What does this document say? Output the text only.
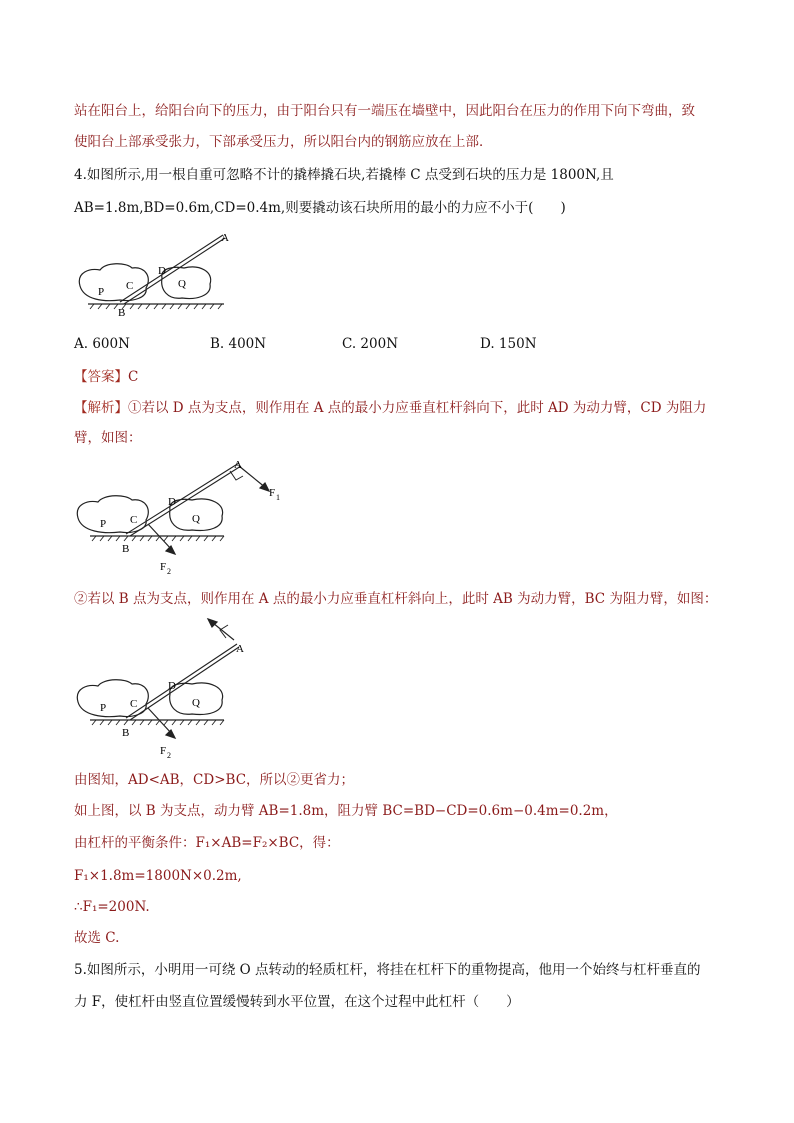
站在阳台上，给阳台向下的压力，由于阳台只有一端压在墙壁中，因此阳台在压力的作用下向下弯曲，致
使阳台上部承受张力，下部承受压力，所以阳台内的钢筋应放在上部．
4.如图所示,用一根自重可忽略不计的撬棒撬石块,若撬棒 C 点受到石块的压力是 1800N,且
AB=1.8m,BD=0.6m,CD=0.4m,则要撬动该石块所用的最小的力应不小于(　　)
P C
D
Q
B
A
A. 600N	B. 400N	C. 200N	D. 150N
【答案】C
【解析】①若以 D 点为支点，则作用在 A 点的最小力应垂直杠杆斜向下，此时 AD 为动力臂，CD 为阻力
臂，如图：
P C
D
Q
B
A
F 1
F 2
②若以 B 点为支点，则作用在 A 点的最小力应垂直杠杆斜向上，此时 AB 为动力臂，BC 为阻力臂，如图：
P C
D
Q
B
A
F 2
由图知，AD<AB，CD>BC，所以②更省力；
如上图，以 B 为支点，动力臂 AB=1.8m，阻力臂 BC=BD−CD=0.6m−0.4m=0.2m，
由杠杆的平衡条件：F₁×AB=F₂×BC，得：
F₁×1.8m=1800N×0.2m,
∴F₁=200N.
故选 C.
5.如图所示，小明用一可绕 O 点转动的轻质杠杆，将挂在杠杆下的重物提高，他用一个始终与杠杆垂直的
力 F，使杠杆由竖直位置缓慢转到水平位置，在这个过程中此杠杆（　　）
